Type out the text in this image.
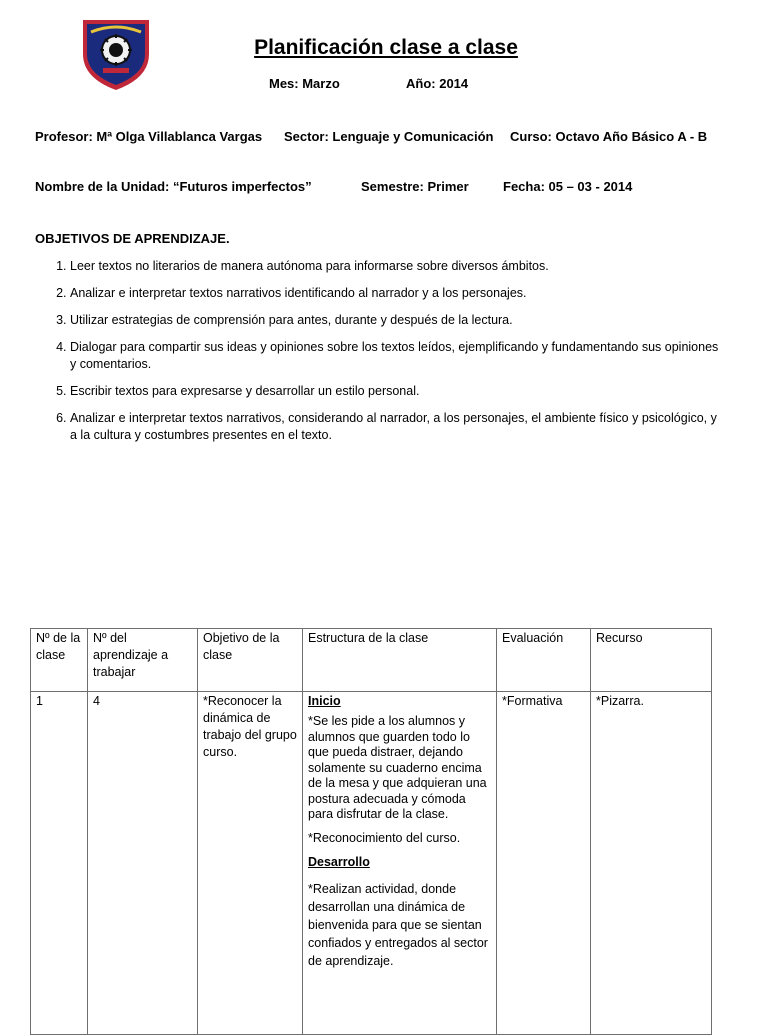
Planificación clase a clase
Mes: Marzo	Año: 2014
Profesor: Mª Olga Villablanca Vargas Sector: Lenguaje y Comunicación Curso: Octavo Año Básico A - B
Nombre de la Unidad: “Futuros imperfectos”	Semestre: Primer	Fecha: 05 – 03 - 2014
OBJETIVOS DE APRENDIZAJE.
1. Leer textos no literarios de manera autónoma para informarse sobre diversos ámbitos.
2. Analizar e interpretar textos narrativos identificando al narrador y a los personajes.
3. Utilizar estrategias de comprensión para antes, durante y después de la lectura.
4. Dialogar para compartir sus ideas y opiniones sobre los textos leídos, ejemplificando y fundamentando sus opiniones y comentarios.
5. Escribir textos para expresarse y desarrollar un estilo personal.
6. Analizar e interpretar textos narrativos, considerando al narrador, a los personajes, el ambiente físico y psicológico, y a la cultura y costumbres presentes en el texto.
Nº de la clase	Nº del aprendizaje a trabajar	Objetivo de la clase	Estructura de la clase	Evaluación	Recurso
1	4	*Reconocer la dinámica de trabajo del grupo curso.	Inicio
*Se les pide a los alumnos y alumnos que guarden todo lo que pueda distraer, dejando solamente su cuaderno encima de la mesa y que adquieran una postura adecuada y cómoda para disfrutar de la clase.
*Reconocimiento del curso.
Desarrollo
*Realizan actividad, donde desarrollan una dinámica de bienvenida para que se sientan confiados y entregados al sector de aprendizaje.	*Formativa	*Pizarra.
